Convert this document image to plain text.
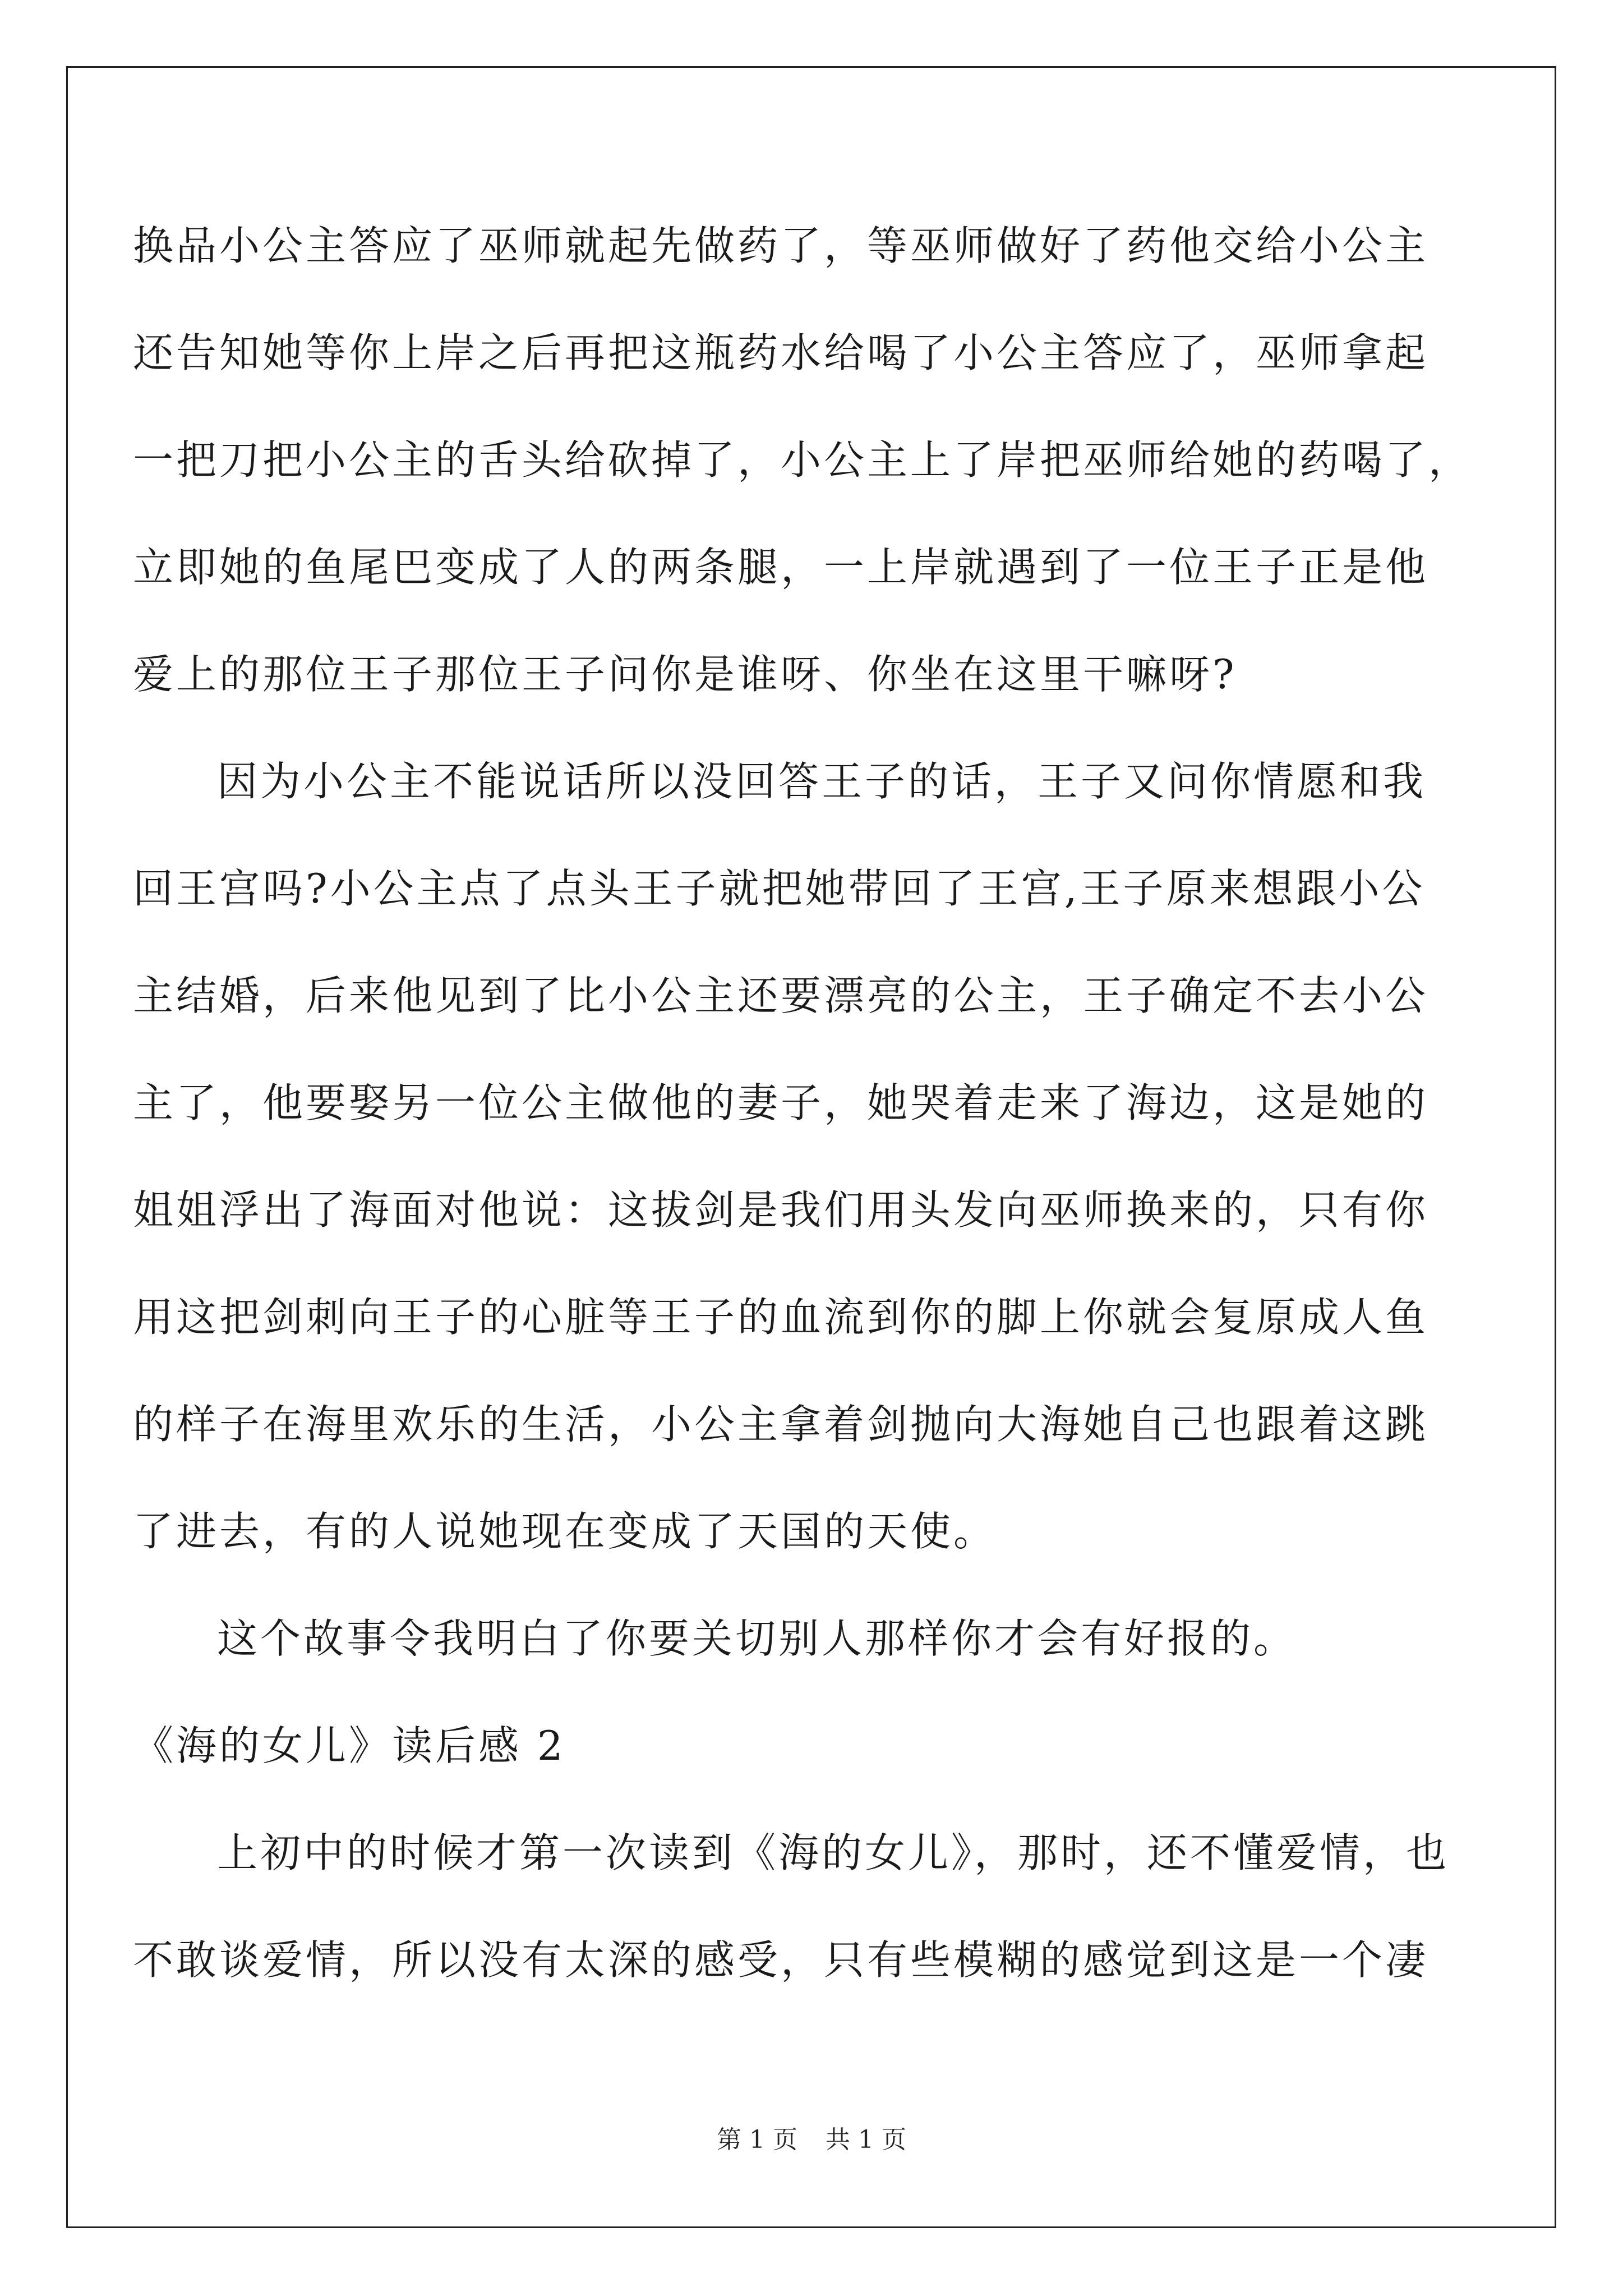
换品小公主答应了巫师就起先做药了，等巫师做好了药他交给小公主
还告知她等你上岸之后再把这瓶药水给喝了小公主答应了，巫师拿起
一把刀把小公主的舌头给砍掉了，小公主上了岸把巫师给她的药喝了，
立即她的鱼尾巴变成了人的两条腿，一上岸就遇到了一位王子正是他
爱上的那位王子那位王子问你是谁呀、你坐在这里干嘛呀?
因为小公主不能说话所以没回答王子的话，王子又问你情愿和我
回王宫吗?小公主点了点头王子就把她带回了王宫,王子原来想跟小公
主结婚，后来他见到了比小公主还要漂亮的公主，王子确定不去小公
主了，他要娶另一位公主做他的妻子，她哭着走来了海边，这是她的
姐姐浮出了海面对他说：这拔剑是我们用头发向巫师换来的，只有你
用这把剑刺向王子的心脏等王子的血流到你的脚上你就会复原成人鱼
的样子在海里欢乐的生活，小公主拿着剑抛向大海她自己也跟着这跳
了进去，有的人说她现在变成了天国的天使。
这个故事令我明白了你要关切别人那样你才会有好报的。
《海的女儿》读后感 2
上初中的时候才第一次读到《海的女儿》，那时，还不懂爱情，也
不敢谈爱情，所以没有太深的感受，只有些模糊的感觉到这是一个凄
第 1 页 共 1 页
